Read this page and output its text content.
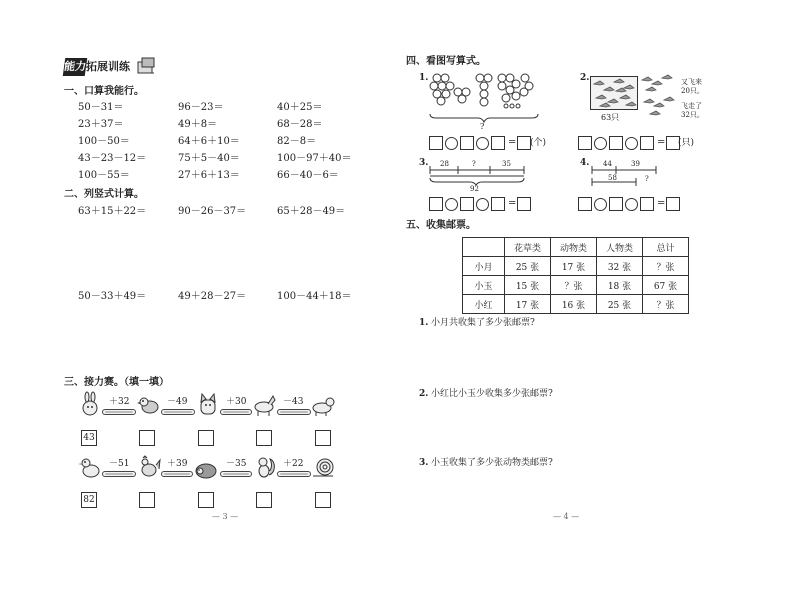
能力 拓展训练
一、口算我能行。
50－31＝	96－23＝	40＋25＝
23＋37＝	49＋8＝	68－28＝
100－50＝	64＋6＋10＝	82－8＝
43－23－12＝	75＋5－40＝	100－97＋40＝
100－55＝	27＋6＋13＝	66－40－6＝
二、列竖式计算。
63＋15＋22＝	90－26－37＝	65＋28－49＝
50－33＋49＝	49＋28－27＝	100－44＋18＝
三、接力赛。（填一填）
＋32	－49	＋30	－43
43
－51	＋39	－35	＋22
82
— 3 —
四、看图写算式。
1.
?
= (个)
2.
63只
又飞来
20只。
飞走了
32只。
= (只)
3. 28	?	35
92
=
4. 44	39
?
58
=
五、收集邮票。
	花草类	动物类	人物类	总计
小月	25 张	17 张	32 张	？张
小玉	15 张	？张	18 张	67 张
小红	17 张	16 张	25 张	？张
1. 小月共收集了多少张邮票?
2. 小红比小玉少收集多少张邮票?
3. 小玉收集了多少张动物类邮票?
— 4 —
